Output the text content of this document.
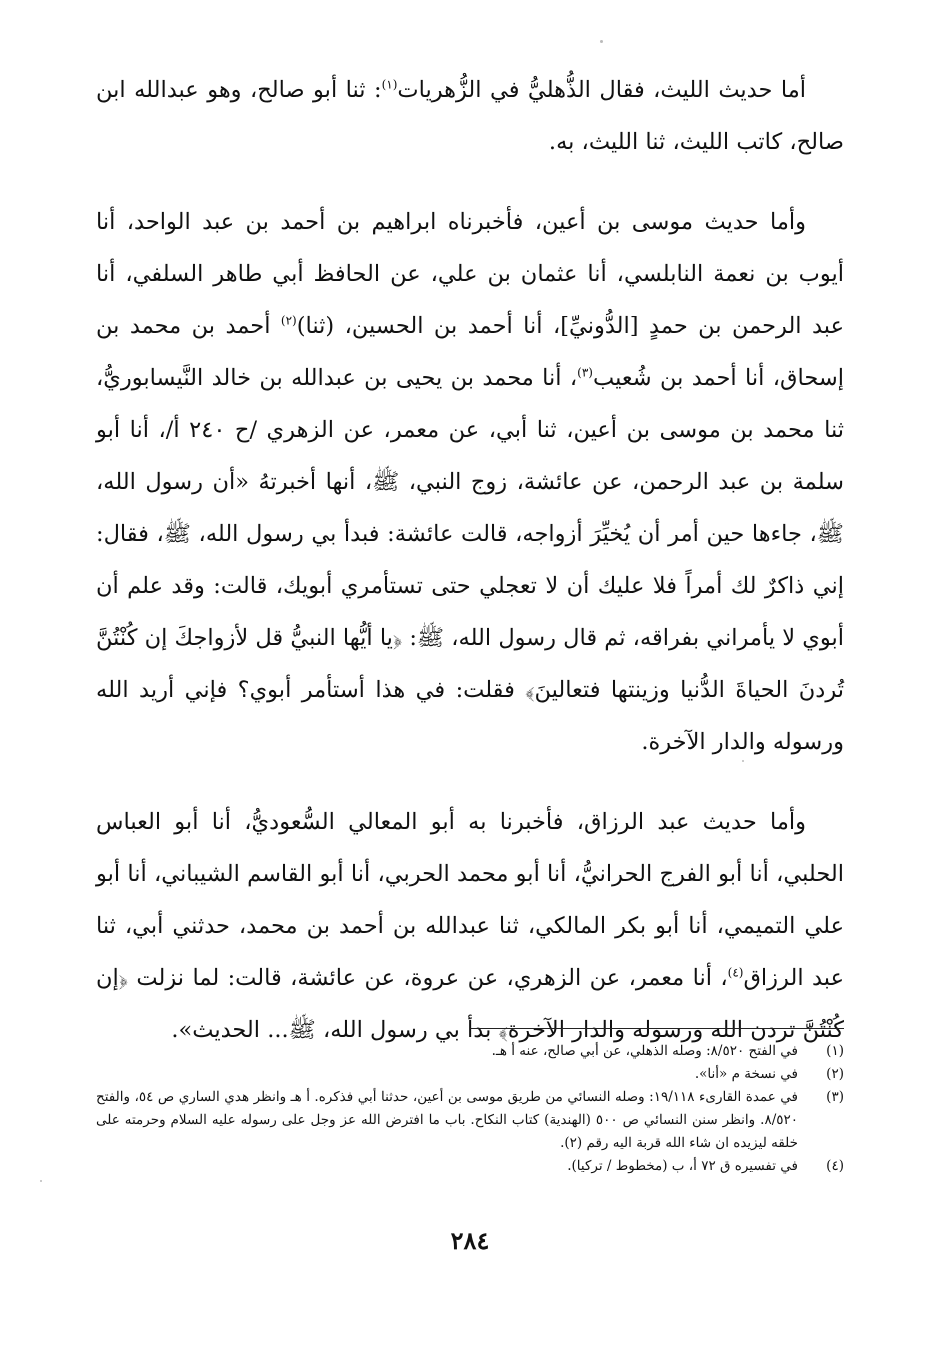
أما حديث الليث، فقال الذُّهليُّ في الزُّهريات$^{(١)}$: ثنا أبو صالح، وهو عبدالله ابن صالح، كاتب الليث، ثنا الليث، به.

وأما حديث موسى بن أعين، فأخبرناه ابراهيم بن أحمد بن عبد الواحد، أنا أيوب بن نعمة النابلسي، أنا عثمان بن علي، عن الحافظ أبي طاهر السلفي، أنا عبد الرحمن بن حمدٍ [الدُّونيِّ]، أنا أحمد بن الحسين، (ثنا)$^{(٢)}$ أحمد بن محمد بن إسحاق، أنا أحمد بن شُعيب$^{(٣)}$، أنا محمد بن يحيى بن عبدالله بن خالد النَّيسابوريُّ، ثنا محمد بن موسى بن أعين، ثنا أبي، عن معمر، عن الزهري /ح ٢٤٠ أ/، أنا أبو سلمة بن عبد الرحمن، عن عائشة، زوج النبي، ﷺ، أنها أخبرتهُ «أن رسول الله، ﷺ، جاءها حين أمر أن يُخيِّرَ أزواجه، قالت عائشة: فبدأ بي رسول الله، ﷺ، فقال: إني ذاكرٌ لك أمراً فلا عليك أن لا تعجلي حتى تستأمري أبويك، قالت: وقد علم أن أبوي لا يأمراني بفراقه، ثم قال رسول الله، ﷺ: ﴿يا أيُّها النبيُّ قل لأزواجكَ إن كُنْتُنَّ تُردنَ الحياةَ الدُّنيا وزينتها فتعالينَ﴾ فقلت: في هذا أستأمر أبوي؟ فإني أريد الله ورسوله والدار الآخرة.

وأما حديث عبد الرزاق، فأخبرنا به أبو المعالي السُّعوديُّ، أنا أبو العباس الحلبي، أنا أبو الفرج الحرانيُّ، أنا أبو محمد الحربي، أنا أبو القاسم الشيباني، أنا أبو علي التميمي، أنا أبو بكر المالكي، ثنا عبدالله بن أحمد بن محمد، حدثني أبي، ثنا عبد الرزاق$^{(٤)}$، أنا معمر، عن الزهري، عن عروة، عن عائشة، قالت: لما نزلت ﴿إن كُنْتُنَّ تردن الله ورسوله والدار الآخرة﴾ بدأ بي رسول الله، ﷺ... الحديث».

(١)
في الفتح ٨/٥٢٠: وصله الذهلي، عن أبي صالح، عنه أ هـ.
(٢)
في نسخة م «أنا».
(٣)
في عمدة القارىء ١٩/١١٨: وصله النسائي من طريق موسى بن أعين، حدثنا أبي فذكره. أ هـ وانظر هدي الساري ص ٥٤، والفتح ٨/٥٢٠. وانظر سنن النسائي ص ٥٠٠ (الهندية) كتاب النكاح. باب ما افترض الله عز وجل على رسوله عليه السلام وحرمته على خلقه ليزيده ان شاء الله قربة اليه رقم (٢).
(٤)
في تفسيره ق ٧٢ أ، ب (مخطوط / تركيا).
٢٨٤
